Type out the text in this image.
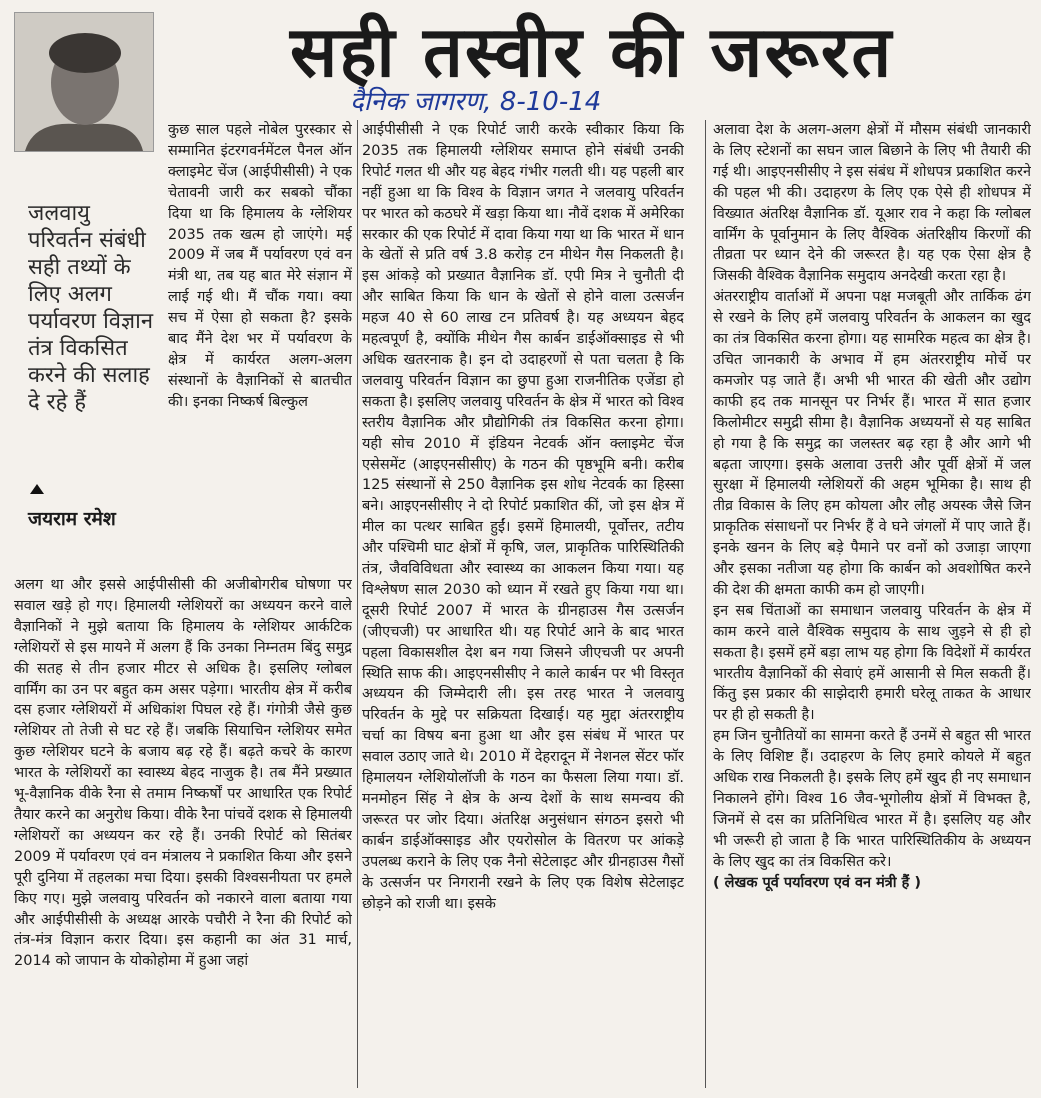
सही तस्वीर की जरूरत
दैनिक जागरण, 8-10-14
जलवायु परिवर्तन संबंधी सही तथ्यों के लिए अलग पर्यावरण विज्ञान तंत्र विकसित करने की सलाह दे रहे हैं
जयराम रमेश

कुछ साल पहले नोबेल पुरस्कार से सम्मानित इंटरगवर्नमेंटल पैनल ऑन क्लाइमेट चेंज (आईपीसीसी) ने एक चेतावनी जारी कर सबको चौंका दिया था कि हिमालय के ग्लेशियर 2035 तक खत्म हो जाएंगे। मई 2009 में जब मैं पर्यावरण एवं वन मंत्री था, तब यह बात मेरे संज्ञान में लाई गई थी। मैं चौंक गया। क्या सच में ऐसा हो सकता है? इसके बाद मैंने देश भर में पर्यावरण के क्षेत्र में कार्यरत अलग-अलग संस्थानों के वैज्ञानिकों से बातचीत की। इनका निष्कर्ष बिल्कुल

अलग था और इससे आईपीसीसी की अजीबोगरीब घोषणा पर सवाल खड़े हो गए। हिमालयी ग्लेशियरों का अध्ययन करने वाले वैज्ञानिकों ने मुझे बताया कि हिमालय के ग्लेशियर आर्कटिक ग्लेशियरों से इस मायने में अलग हैं कि उनका निम्नतम बिंदु समुद्र की सतह से तीन हजार मीटर से अधिक है। इसलिए ग्लोबल वार्मिंग का उन पर बहुत कम असर पड़ेगा। भारतीय क्षेत्र में करीब दस हजार ग्लेशियरों में अधिकांश पिघल रहे हैं। गंगोत्री जैसे कुछ ग्लेशियर तो तेजी से घट रहे हैं। जबकि सियाचिन ग्लेशियर समेत कुछ ग्लेशियर घटने के बजाय बढ़ रहे हैं। बढ़ते कचरे के कारण भारत के ग्लेशियरों का स्वास्थ्य बेहद नाजुक है। तब मैंने प्रख्यात भू-वैज्ञानिक वीके रैना से तमाम निष्कर्षों पर आधारित एक रिपोर्ट तैयार करने का अनुरोध किया। वीके रैना पांचवें दशक से हिमालयी ग्लेशियरों का अध्ययन कर रहे हैं। उनकी रिपोर्ट को सितंबर 2009 में पर्यावरण एवं वन मंत्रालय ने प्रकाशित किया और इसने पूरी दुनिया में तहलका मचा दिया। इसकी विश्वसनीयता पर हमले किए गए। मुझे जलवायु परिवर्तन को नकारने वाला बताया गया और आईपीसीसी के अध्यक्ष आरके पचौरी ने रैना की रिपोर्ट को तंत्र-मंत्र विज्ञान करार दिया। इस कहानी का अंत 31 मार्च, 2014 को जापान के योकोहोमा में हुआ जहां

आईपीसीसी ने एक रिपोर्ट जारी करके स्वीकार किया कि 2035 तक हिमालयी ग्लेशियर समाप्त होने संबंधी उनकी रिपोर्ट गलत थी और यह बेहद गंभीर गलती थी। यह पहली बार नहीं हुआ था कि विश्व के विज्ञान जगत ने जलवायु परिवर्तन पर भारत को कठघरे में खड़ा किया था। नौवें दशक में अमेरिका सरकार की एक रिपोर्ट में दावा किया गया था कि भारत में धान के खेतों से प्रति वर्ष 3.8 करोड़ टन मीथेन गैस निकलती है। इस आंकड़े को प्रख्यात वैज्ञानिक डॉ. एपी मित्र ने चुनौती दी और साबित किया कि धान के खेतों से होने वाला उत्सर्जन महज 40 से 60 लाख टन प्रतिवर्ष है। यह अध्ययन बेहद महत्वपूर्ण है, क्योंकि मीथेन गैस कार्बन डाईऑक्साइड से भी अधिक खतरनाक है। इन दो उदाहरणों से पता चलता है कि जलवायु परिवर्तन विज्ञान का छुपा हुआ राजनीतिक एजेंडा हो सकता है। इसलिए जलवायु परिवर्तन के क्षेत्र में भारत को विश्व स्तरीय वैज्ञानिक और प्रौद्योगिकी तंत्र विकसित करना होगा। यही सोच 2010 में इंडियन नेटवर्क ऑन क्लाइमेट चेंज एसेसमेंट (आइएनसीसीए) के गठन की पृष्ठभूमि बनी। करीब 125 संस्थानों से 250 वैज्ञानिक इस शोध नेटवर्क का हिस्सा बने। आइएनसीसीए ने दो रिपोर्ट प्रकाशित कीं, जो इस क्षेत्र में मील का पत्थर साबित हुईं। इसमें हिमालयी, पूर्वोत्तर, तटीय और पश्चिमी घाट क्षेत्रों में कृषि, जल, प्राकृतिक पारिस्थितिकी तंत्र, जैवविविधता और स्वास्थ्य का आकलन किया गया। यह विश्लेषण साल 2030 को ध्यान में रखते हुए किया गया था। दूसरी रिपोर्ट 2007 में भारत के ग्रीनहाउस गैस उत्सर्जन (जीएचजी) पर आधारित थी। यह रिपोर्ट आने के बाद भारत पहला विकासशील देश बन गया जिसने जीएचजी पर अपनी स्थिति साफ की। आइएनसीसीए ने काले कार्बन पर भी विस्तृत अध्ययन की जिम्मेदारी ली। इस तरह भारत ने जलवायु परिवर्तन के मुद्दे पर सक्रियता दिखाई। यह मुद्दा अंतरराष्ट्रीय चर्चा का विषय बना हुआ था और इस संबंध में भारत पर सवाल उठाए जाते थे। 2010 में देहरादून में नेशनल सेंटर फॉर हिमालयन ग्लेशियोलॉजी के गठन का फैसला लिया गया। डॉ. मनमोहन सिंह ने क्षेत्र के अन्य देशों के साथ समन्वय की जरूरत पर जोर दिया। अंतरिक्ष अनुसंधान संगठन इसरो भी कार्बन डाईऑक्साइड और एयरोसोल के वितरण पर आंकड़े उपलब्ध कराने के लिए एक नैनो सेटेलाइट और ग्रीनहाउस गैसों के उत्सर्जन पर निगरानी रखने के लिए एक विशेष सेटेलाइट छोड़ने को राजी था। इसके

अलावा देश के अलग-अलग क्षेत्रों में मौसम संबंधी जानकारी के लिए स्टेशनों का सघन जाल बिछाने के लिए भी तैयारी की गई थी। आइएनसीसीए ने इस संबंध में शोधपत्र प्रकाशित करने की पहल भी की। उदाहरण के लिए एक ऐसे ही शोधपत्र में विख्यात अंतरिक्ष वैज्ञानिक डॉ. यूआर राव ने कहा कि ग्लोबल वार्मिंग के पूर्वानुमान के लिए वैश्विक अंतरिक्षीय किरणों की तीव्रता पर ध्यान देने की जरूरत है। यह एक ऐसा क्षेत्र है जिसकी वैश्विक वैज्ञानिक समुदाय अनदेखी करता रहा है।

अंतरराष्ट्रीय वार्ताओं में अपना पक्ष मजबूती और तार्किक ढंग से रखने के लिए हमें जलवायु परिवर्तन के आकलन का खुद का तंत्र विकसित करना होगा। यह सामरिक महत्व का क्षेत्र है। उचित जानकारी के अभाव में हम अंतरराष्ट्रीय मोर्चे पर कमजोर पड़ जाते हैं। अभी भी भारत की खेती और उद्योग काफी हद तक मानसून पर निर्भर हैं। भारत में सात हजार किलोमीटर समुद्री सीमा है। वैज्ञानिक अध्ययनों से यह साबित हो गया है कि समुद्र का जलस्तर बढ़ रहा है और आगे भी बढ़ता जाएगा। इसके अलावा उत्तरी और पूर्वी क्षेत्रों में जल सुरक्षा में हिमालयी ग्लेशियरों की अहम भूमिका है। साथ ही तीव्र विकास के लिए हम कोयला और लौह अयस्क जैसे जिन प्राकृतिक संसाधनों पर निर्भर हैं वे घने जंगलों में पाए जाते हैं। इनके खनन के लिए बड़े पैमाने पर वनों को उजाड़ा जाएगा और इसका नतीजा यह होगा कि कार्बन को अवशोषित करने की देश की क्षमता काफी कम हो जाएगी।

इन सब चिंताओं का समाधान जलवायु परिवर्तन के क्षेत्र में काम करने वाले वैश्विक समुदाय के साथ जुड़ने से ही हो सकता है। इसमें हमें बड़ा लाभ यह होगा कि विदेशों में कार्यरत भारतीय वैज्ञानिकों की सेवाएं हमें आसानी से मिल सकती हैं। किंतु इस प्रकार की साझेदारी हमारी घरेलू ताकत के आधार पर ही हो सकती है।

हम जिन चुनौतियों का सामना करते हैं उनमें से बहुत सी भारत के लिए विशिष्ट हैं। उदाहरण के लिए हमारे कोयले में बहुत अधिक राख निकलती है। इसके लिए हमें खुद ही नए समाधान निकालने होंगे। विश्व 16 जैव-भूगोलीय क्षेत्रों में विभक्त है, जिनमें से दस का प्रतिनिधित्व भारत में है। इसलिए यह और भी जरूरी हो जाता है कि भारत पारिस्थितिकीय के अध्ययन के लिए खुद का तंत्र विकसित करे।

( लेखक पूर्व पर्यावरण एवं वन मंत्री हैं )
